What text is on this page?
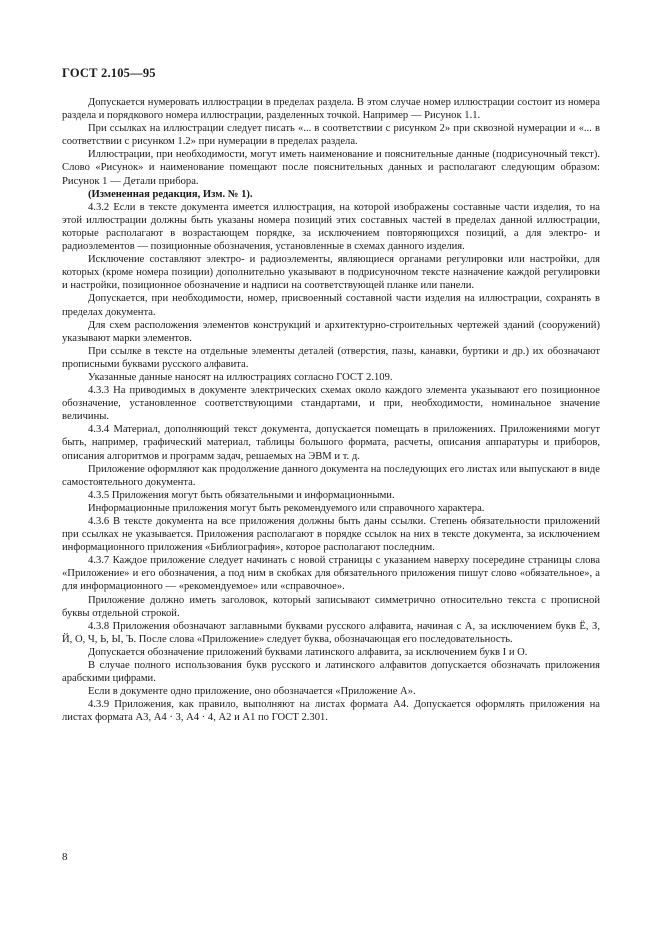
ГОСТ 2.105—95

Допускается нумеровать иллюстрации в пределах раздела. В этом случае номер иллюстрации состоит из номера раздела и порядкового номера иллюстрации, разделенных точкой. Например — Рисунок 1.1.

При ссылках на иллюстрации следует писать «... в соответствии с рисунком 2» при сквозной нумерации и «... в соответствии с рисунком 1.2» при нумерации в пределах раздела.

Иллюстрации, при необходимости, могут иметь наименование и пояснительные данные (подрисуночный текст). Слово «Рисунок» и наименование помещают после пояснительных данных и располагают следующим образом: Рисунок 1 — Детали прибора.

(Измененная редакция, Изм. № 1).

4.3.2 Если в тексте документа имеется иллюстрация, на которой изображены составные части изделия, то на этой иллюстрации должны быть указаны номера позиций этих составных частей в пределах данной иллюстрации, которые располагают в возрастающем порядке, за исключением повторяющихся позиций, а для электро- и радиоэлементов — позиционные обозначения, установленные в схемах данного изделия.

Исключение составляют электро- и радиоэлементы, являющиеся органами регулировки или настройки, для которых (кроме номера позиции) дополнительно указывают в подрисуночном тексте назначение каждой регулировки и настройки, позиционное обозначение и надписи на соответствующей планке или панели.

Допускается, при необходимости, номер, присвоенный составной части изделия на иллюстрации, сохранять в пределах документа.

Для схем расположения элементов конструкций и архитектурно-строительных чертежей зданий (сооружений) указывают марки элементов.

При ссылке в тексте на отдельные элементы деталей (отверстия, пазы, канавки, буртики и др.) их обозначают прописными буквами русского алфавита.

Указанные данные наносят на иллюстрациях согласно ГОСТ 2.109.

4.3.3 На приводимых в документе электрических схемах около каждого элемента указывают его позиционное обозначение, установленное соответствующими стандартами, и при, необходимости, номинальное значение величины.

4.3.4 Материал, дополняющий текст документа, допускается помещать в приложениях. Приложениями могут быть, например, графический материал, таблицы большого формата, расчеты, описания аппаратуры и приборов, описания алгоритмов и программ задач, решаемых на ЭВМ и т. д.

Приложение оформляют как продолжение данного документа на последующих его листах или выпускают в виде самостоятельного документа.

4.3.5 Приложения могут быть обязательными и информационными.

Информационные приложения могут быть рекомендуемого или справочного характера.

4.3.6 В тексте документа на все приложения должны быть даны ссылки. Степень обязательности приложений при ссылках не указывается. Приложения располагают в порядке ссылок на них в тексте документа, за исключением информационного приложения «Библиография», которое располагают последним.

4.3.7 Каждое приложение следует начинать с новой страницы с указанием наверху посередине страницы слова «Приложение» и его обозначения, а под ним в скобках для обязательного приложения пишут слово «обязательное», а для информационного — «рекомендуемое» или «справочное».

Приложение должно иметь заголовок, который записывают симметрично относительно текста с прописной буквы отдельной строкой.

4.3.8 Приложения обозначают заглавными буквами русского алфавита, начиная с А, за исключением букв Ё, З, Й, О, Ч, Ь, Ы, Ъ. После слова «Приложение» следует буква, обозначающая его последовательность.

Допускается обозначение приложений буквами латинского алфавита, за исключением букв I и О.

В случае полного использования букв русского и латинского алфавитов допускается обозначать приложения арабскими цифрами.

Если в документе одно приложение, оно обозначается «Приложение А».

4.3.9 Приложения, как правило, выполняют на листах формата А4. Допускается оформлять приложения на листах формата А3, А4 · 3, А4 · 4, А2 и А1 по ГОСТ 2.301.

8
